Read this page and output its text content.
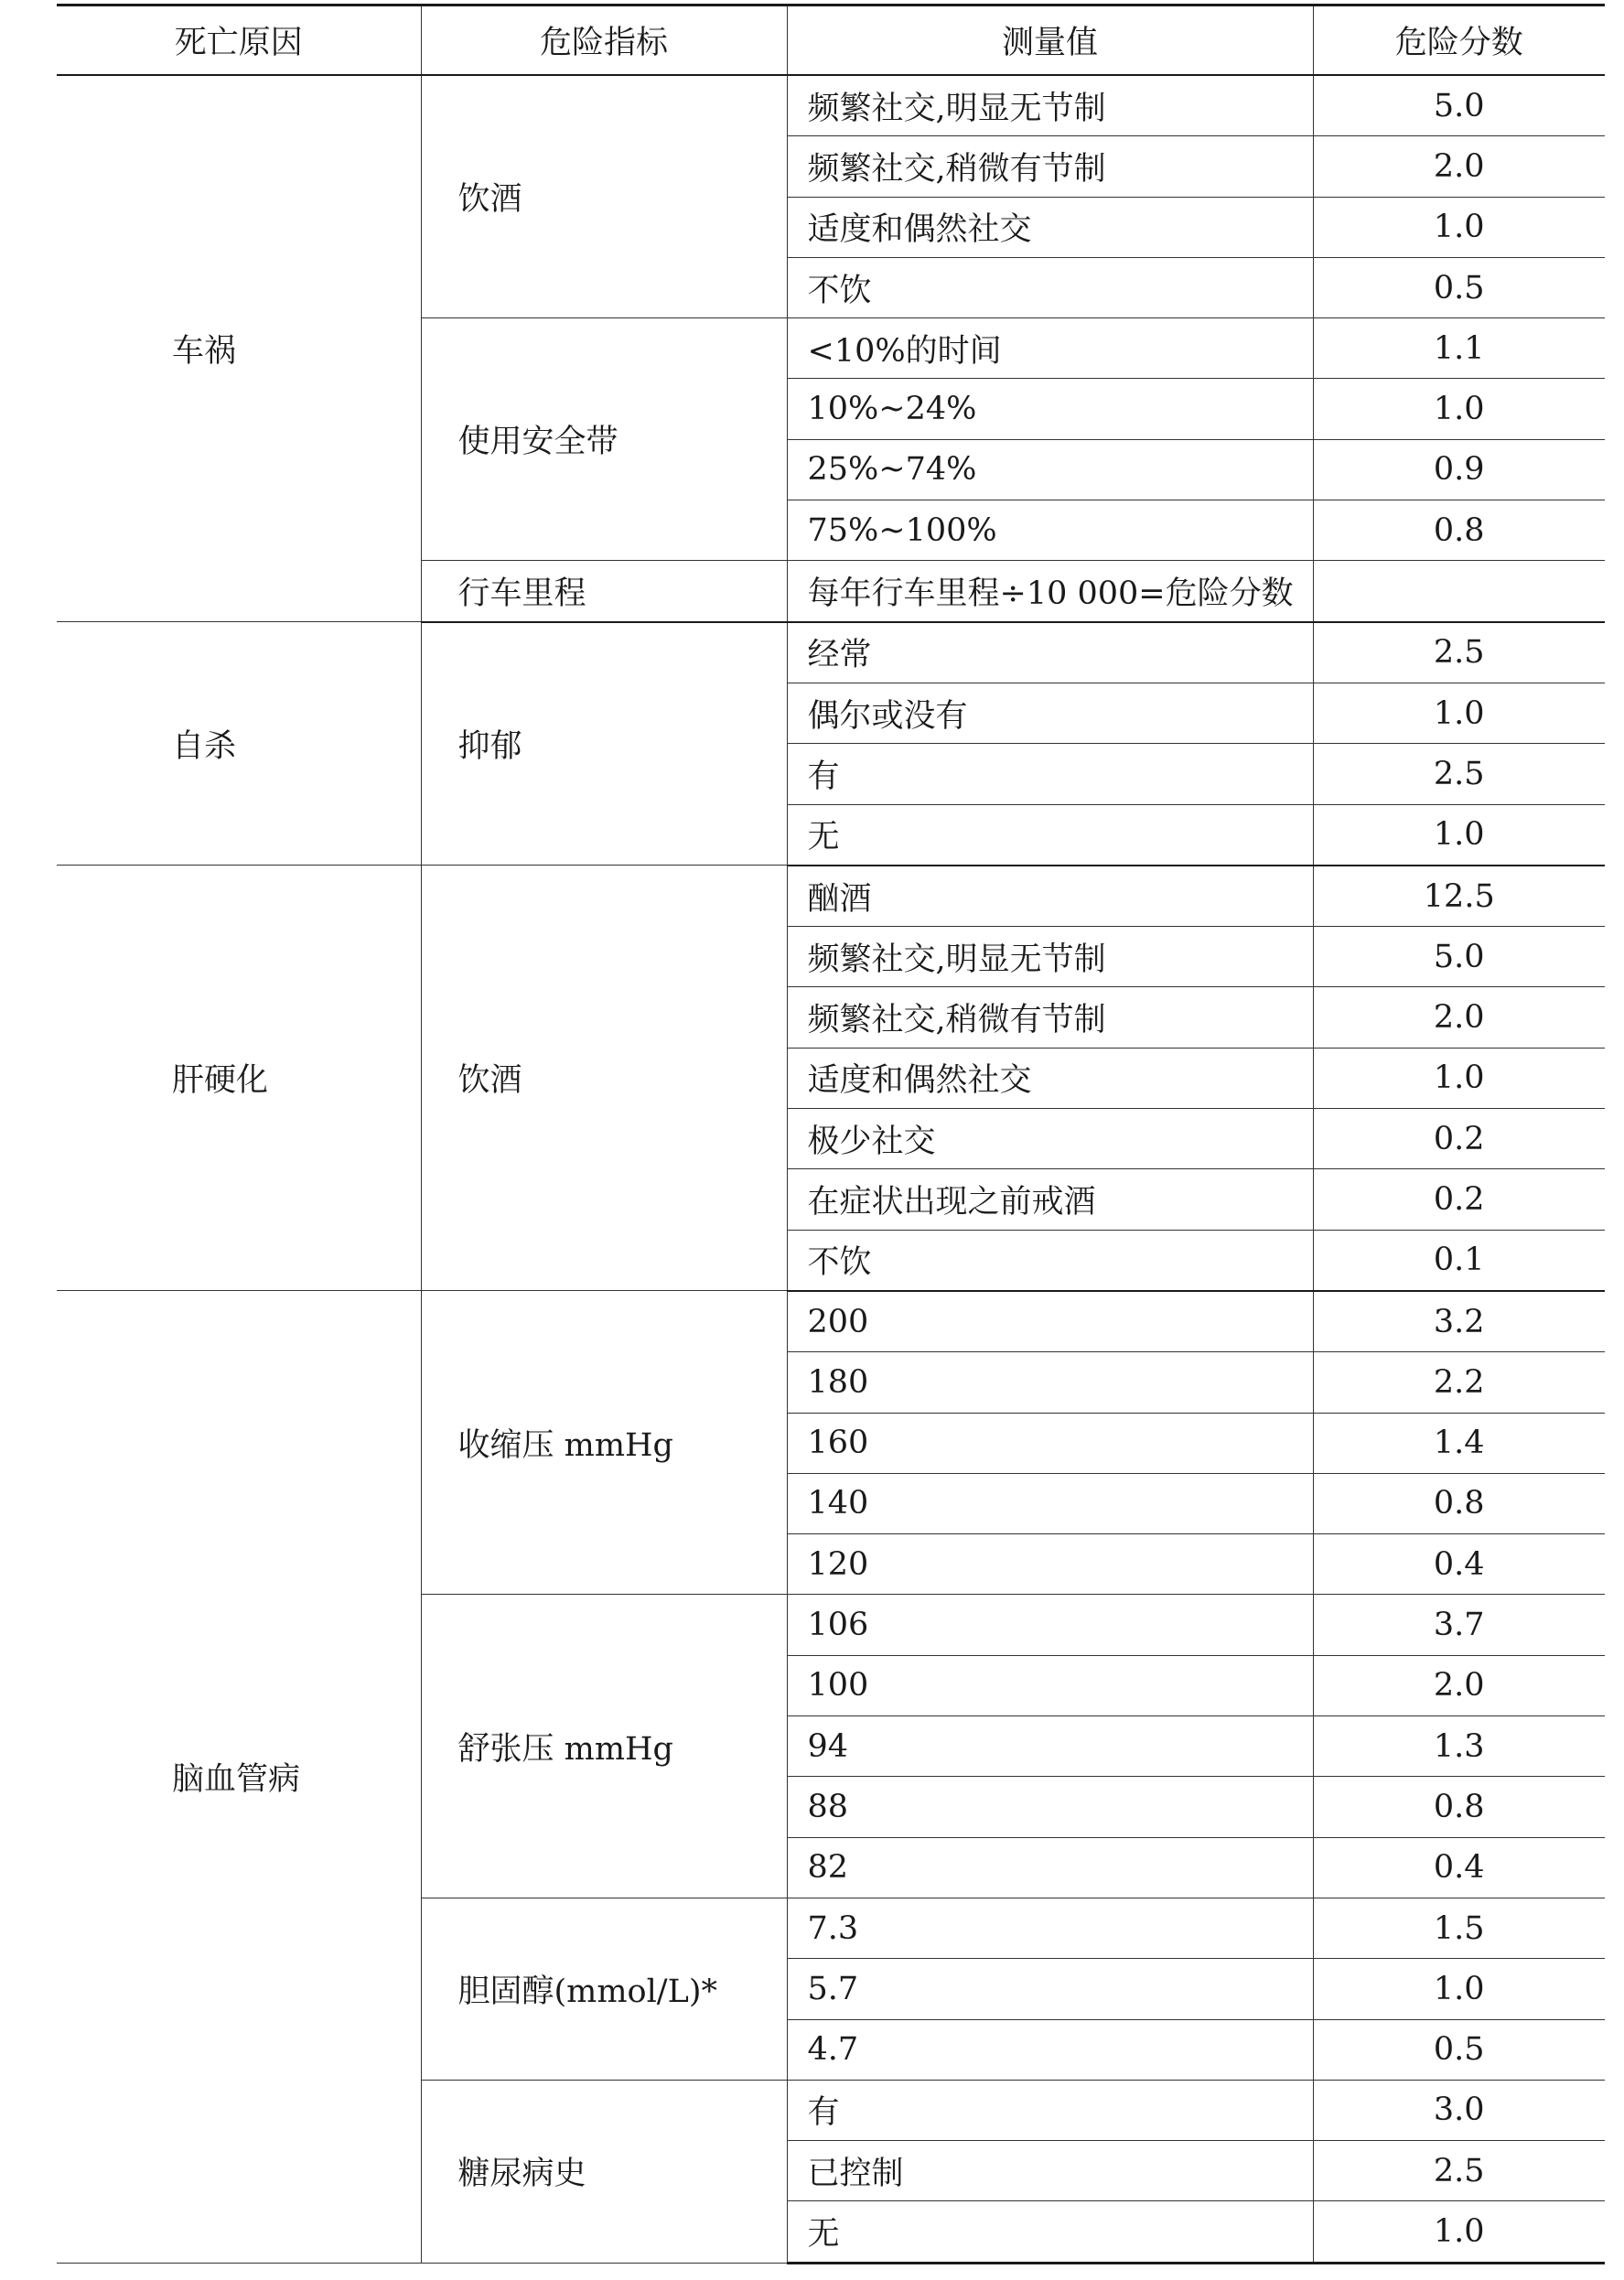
死亡原因	危险指标	测量值	危险分数
车祸	饮酒	频繁社交,明显无节制	5.0
		频繁社交,稍微有节制	2.0
		适度和偶然社交	1.0
		不饮	0.5
	使用安全带	<10%的时间	1.1
		10%~24%	1.0
		25%~74%	0.9
		75%~100%	0.8
	行车里程	每年行车里程÷10 000=危险分数	
自杀	抑郁	经常	2.5
		偶尔或没有	1.0
		有	2.5
		无	1.0
肝硬化	饮酒	酗酒	12.5
		频繁社交,明显无节制	5.0
		频繁社交,稍微有节制	2.0
		适度和偶然社交	1.0
		极少社交	0.2
		在症状出现之前戒酒	0.2
		不饮	0.1
脑血管病	收缩压 mmHg	200	3.2
		180	2.2
		160	1.4
		140	0.8
		120	0.4
	舒张压 mmHg	106	3.7
		100	2.0
		94	1.3
		88	0.8
		82	0.4
	胆固醇(mmol/L)*	7.3	1.5
		5.7	1.0
		4.7	0.5
	糖尿病史	有	3.0
		已控制	2.5
		无	1.0
